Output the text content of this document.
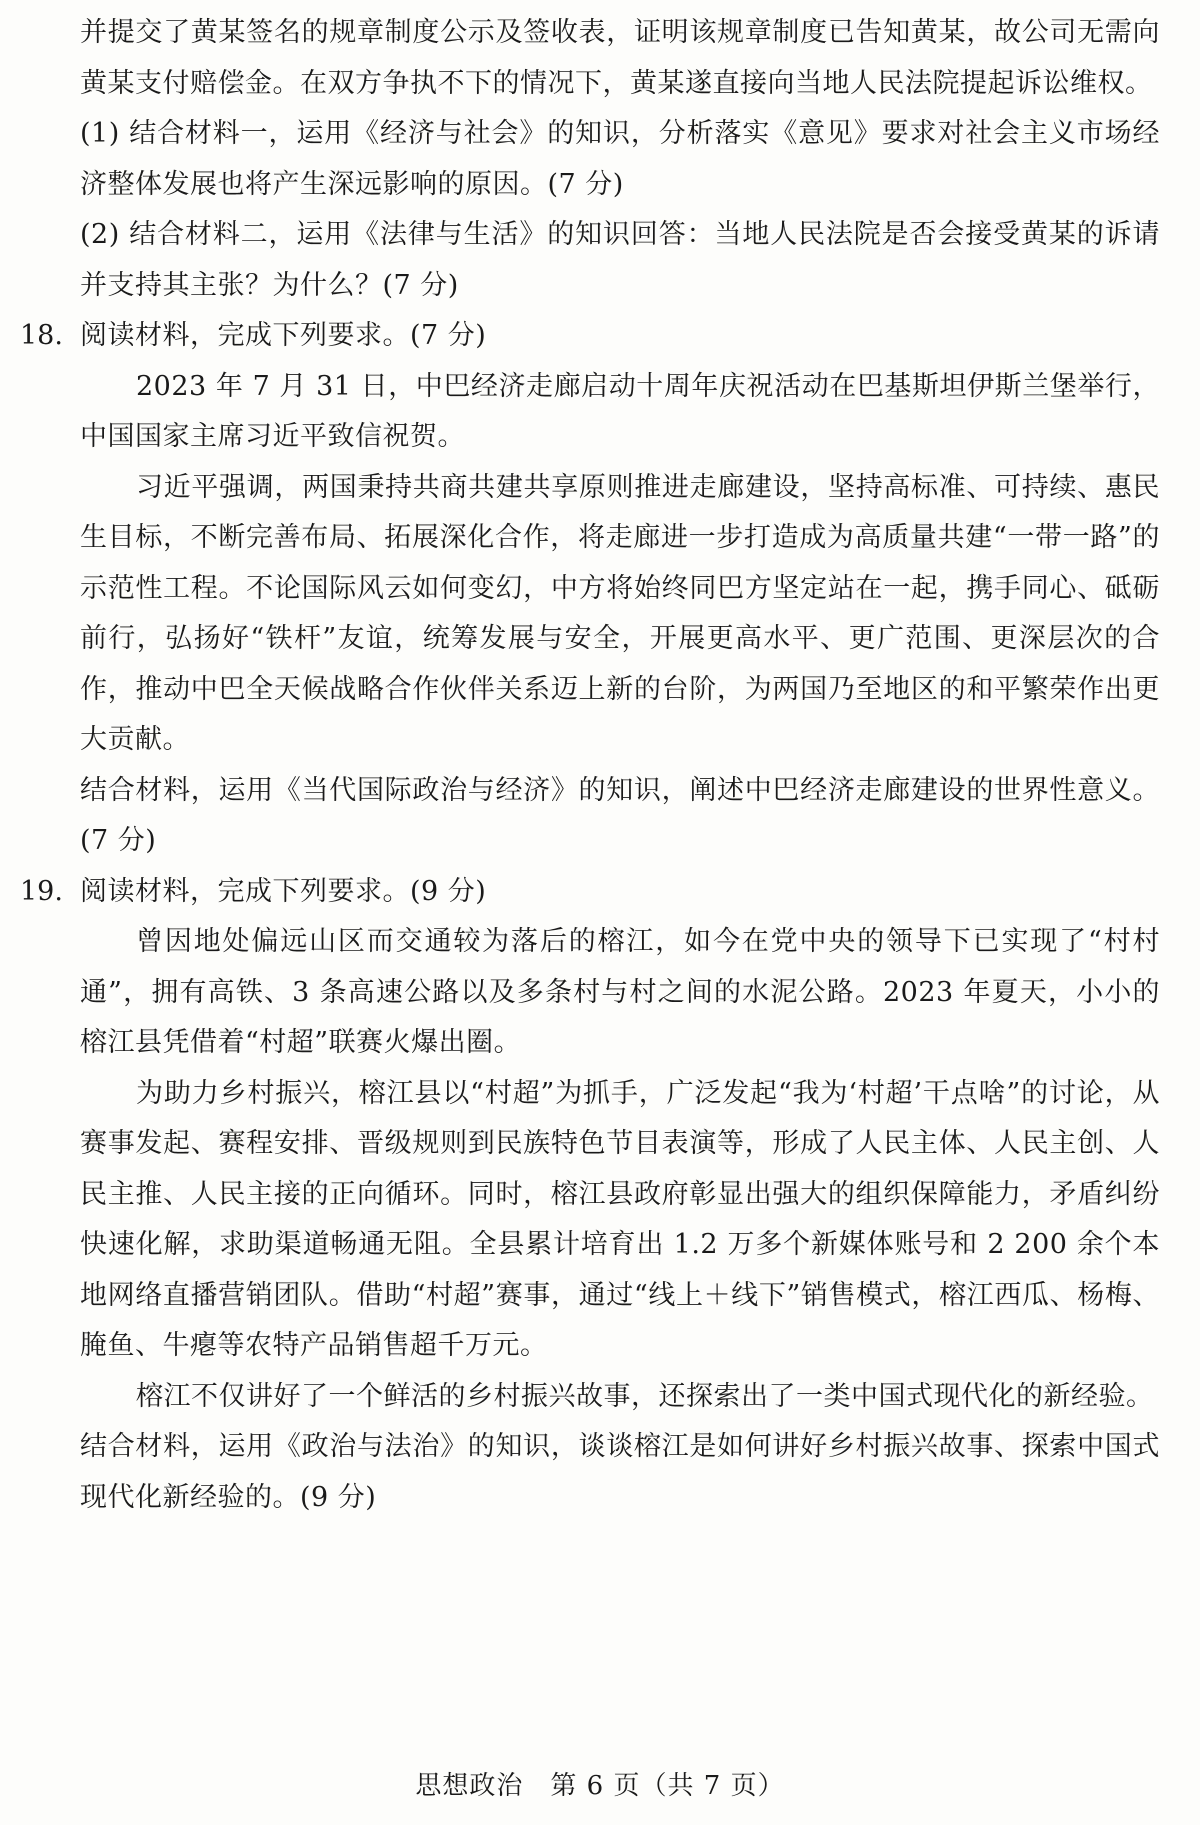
并提交了黄某签名的规章制度公示及签收表，证明该规章制度已告知黄某，故公司无需向黄某支付赔偿金。在双方争执不下的情况下，黄某遂直接向当地人民法院提起诉讼维权。

(1) 结合材料一，运用《经济与社会》的知识，分析落实《意见》要求对社会主义市场经济整体发展也将产生深远影响的原因。(7 分)

(2) 结合材料二，运用《法律与生活》的知识回答：当地人民法院是否会接受黄某的诉请并支持其主张？为什么？(7 分)

18. 阅读材料，完成下列要求。(7 分)

2023 年 7 月 31 日，中巴经济走廊启动十周年庆祝活动在巴基斯坦伊斯兰堡举行，中国国家主席习近平致信祝贺。

习近平强调，两国秉持共商共建共享原则推进走廊建设，坚持高标准、可持续、惠民生目标，不断完善布局、拓展深化合作，将走廊进一步打造成为高质量共建“一带一路”的示范性工程。不论国际风云如何变幻，中方将始终同巴方坚定站在一起，携手同心、砥砺前行，弘扬好“铁杆”友谊，统筹发展与安全，开展更高水平、更广范围、更深层次的合作，推动中巴全天候战略合作伙伴关系迈上新的台阶，为两国乃至地区的和平繁荣作出更大贡献。

结合材料，运用《当代国际政治与经济》的知识，阐述中巴经济走廊建设的世界性意义。(7 分)

19. 阅读材料，完成下列要求。(9 分)

曾因地处偏远山区而交通较为落后的榕江，如今在党中央的领导下已实现了“村村通”，拥有高铁、3 条高速公路以及多条村与村之间的水泥公路。2023 年夏天，小小的榕江县凭借着“村超”联赛火爆出圈。

为助力乡村振兴，榕江县以“村超”为抓手，广泛发起“我为‘村超’干点啥”的讨论，从赛事发起、赛程安排、晋级规则到民族特色节目表演等，形成了人民主体、人民主创、人民主推、人民主接的正向循环。同时，榕江县政府彰显出强大的组织保障能力，矛盾纠纷快速化解，求助渠道畅通无阻。全县累计培育出 1.2 万多个新媒体账号和 2 200 余个本地网络直播营销团队。借助“村超”赛事，通过“线上＋线下”销售模式，榕江西瓜、杨梅、腌鱼、牛瘪等农特产品销售超千万元。

榕江不仅讲好了一个鲜活的乡村振兴故事，还探索出了一类中国式现代化的新经验。

结合材料，运用《政治与法治》的知识，谈谈榕江是如何讲好乡村振兴故事、探索中国式现代化新经验的。(9 分)

思想政治　第 6 页（共 7 页）
